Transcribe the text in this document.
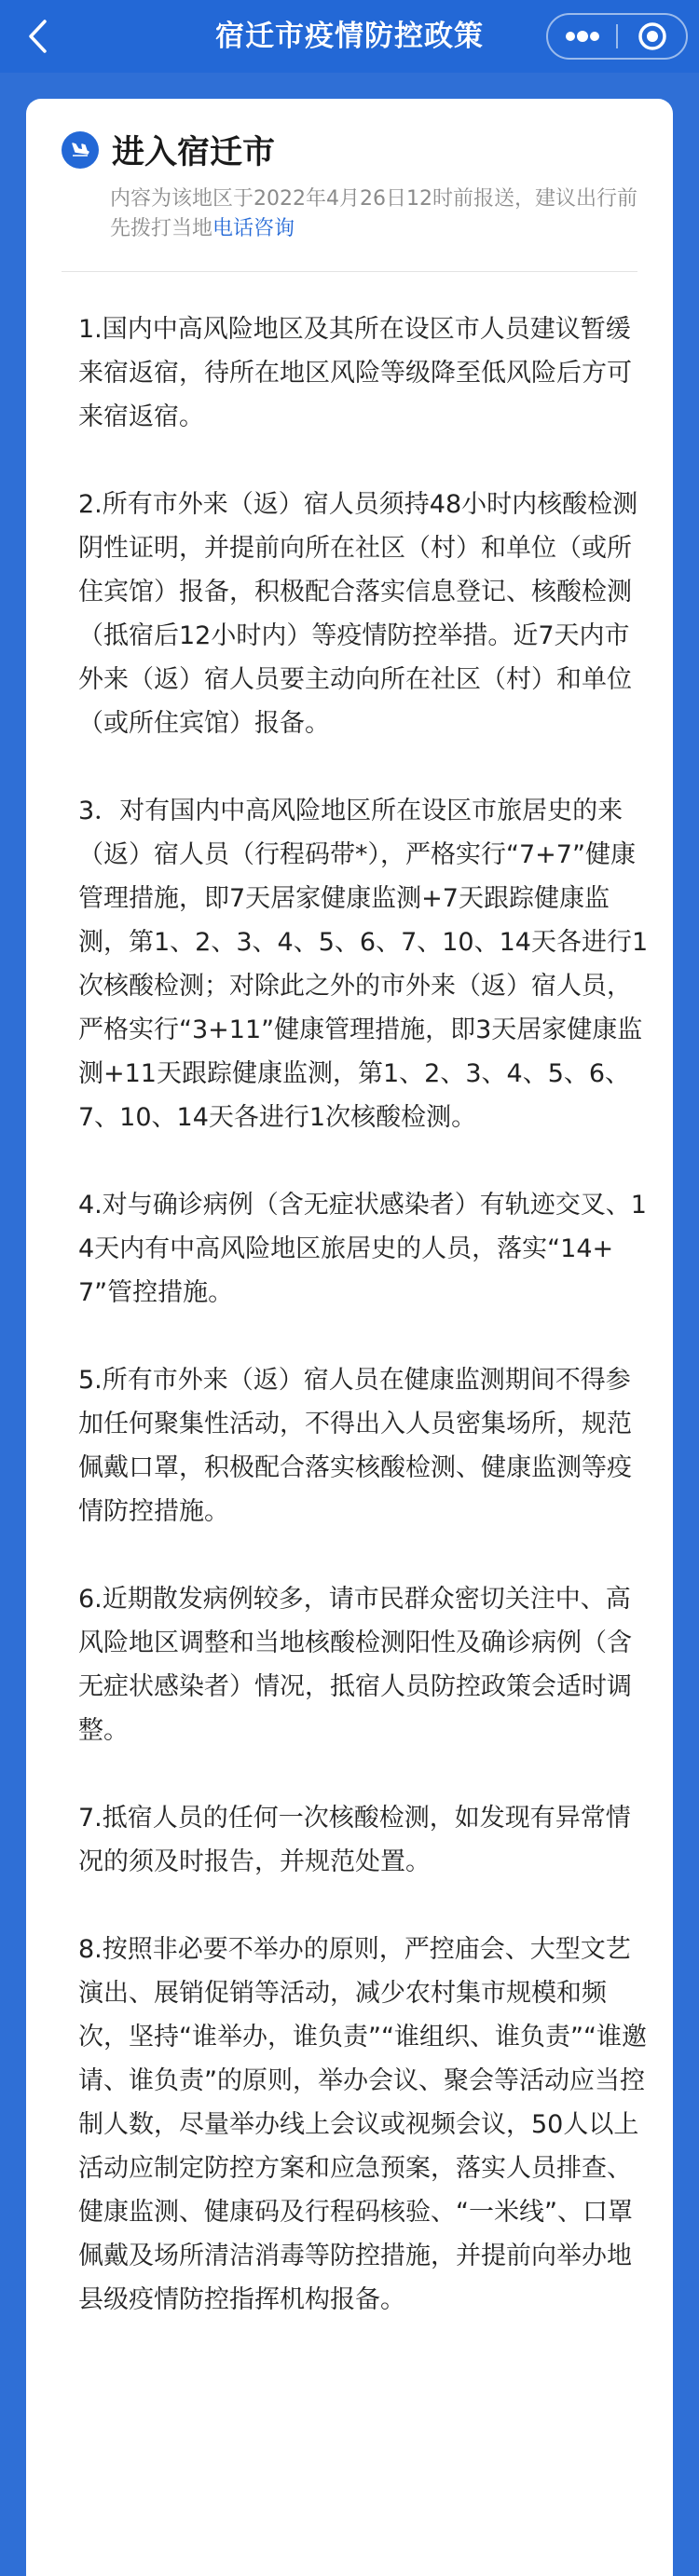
宿迁市疫情防控政策
进入宿迁市
内容为该地区于2022年4月26日12时前报送，建议出行前先拨打当地电话咨询

1.国内中高风险地区及其所在设区市人员建议暂缓来宿返宿，待所在地区风险等级降至低风险后方可来宿返宿。

2.所有市外来（返）宿人员须持48小时内核酸检测阴性证明，并提前向所在社区（村）和单位（或所住宾馆）报备，积极配合落实信息登记、核酸检测（抵宿后12小时内）等疫情防控举措。近7天内市外来（返）宿人员要主动向所在社区（村）和单位（或所住宾馆）报备。

3．对有国内中高风险地区所在设区市旅居史的来（返）宿人员（行程码带*），严格实行“7+7”健康管理措施，即7天居家健康监测+7天跟踪健康监测，第1、2、3、4、5、6、7、10、14天各进行1次核酸检测；对除此之外的市外来（返）宿人员，严格实行“3+11”健康管理措施，即3天居家健康监测+11天跟踪健康监测，第1、2、3、4、5、6、7、10、14天各进行1次核酸检测。

4.对与确诊病例（含无症状感染者）有轨迹交叉、14天内有中高风险地区旅居史的人员，落实“14+7”管控措施。

5.所有市外来（返）宿人员在健康监测期间不得参加任何聚集性活动，不得出入人员密集场所，规范佩戴口罩，积极配合落实核酸检测、健康监测等疫情防控措施。

6.近期散发病例较多，请市民群众密切关注中、高风险地区调整和当地核酸检测阳性及确诊病例（含无症状感染者）情况，抵宿人员防控政策会适时调整。

7.抵宿人员的任何一次核酸检测，如发现有异常情况的须及时报告，并规范处置。

8.按照非必要不举办的原则，严控庙会、大型文艺演出、展销促销等活动，减少农村集市规模和频次，坚持“谁举办，谁负责”“谁组织、谁负责”“谁邀请、谁负责”的原则，举办会议、聚会等活动应当控制人数，尽量举办线上会议或视频会议，50人以上活动应制定防控方案和应急预案，落实人员排查、健康监测、健康码及行程码核验、“一米线”、口罩佩戴及场所清洁消毒等防控措施，并提前向举办地县级疫情防控指挥机构报备。
